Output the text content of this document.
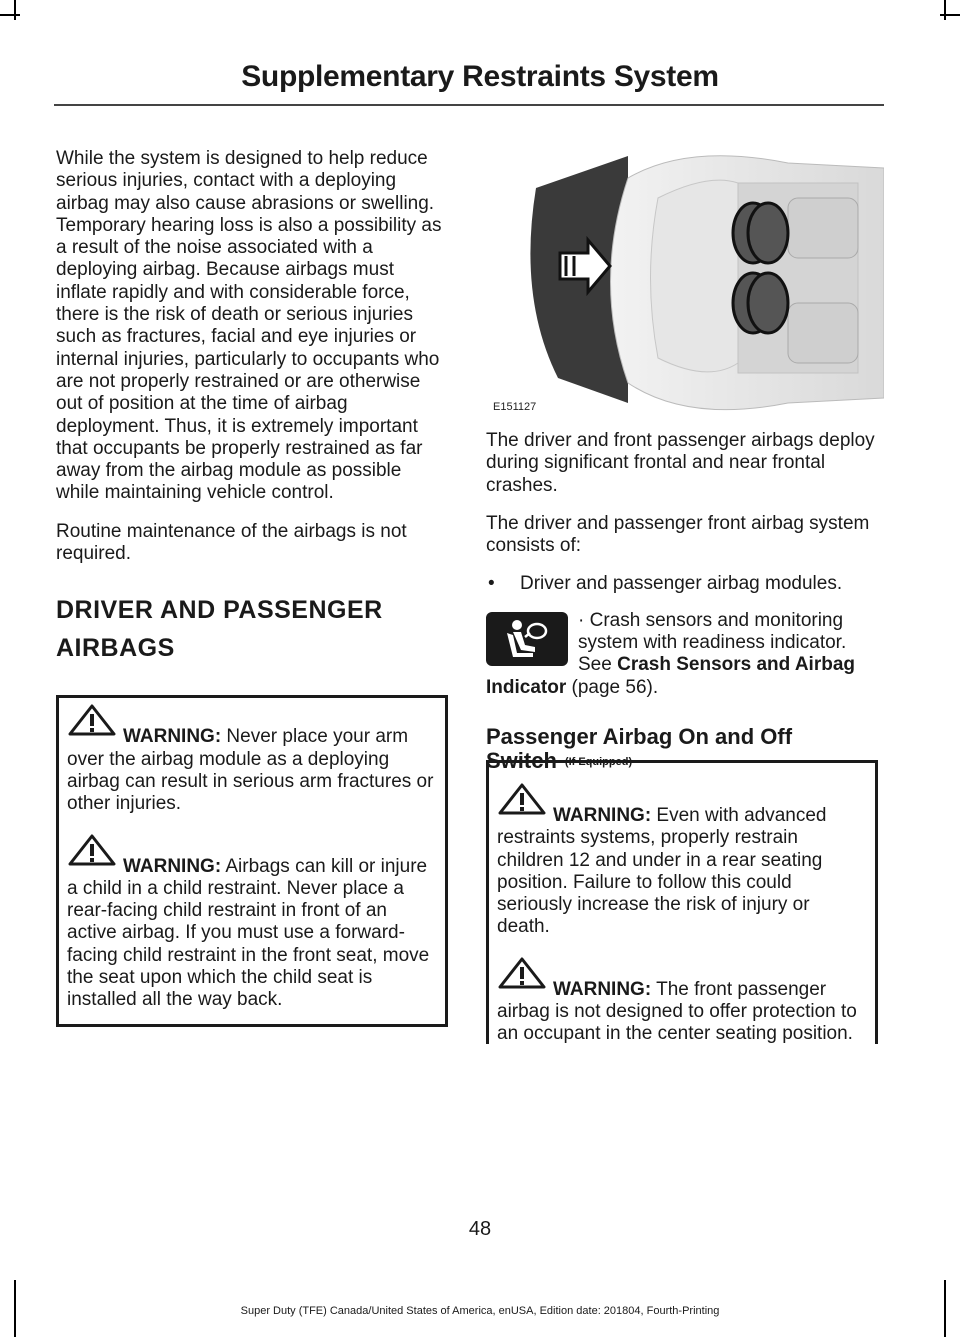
Supplementary Restraints System

While the system is designed to help reduce serious injuries, contact with a deploying airbag may also cause abrasions or swelling. Temporary hearing loss is also a possibility as a result of the noise associated with a deploying airbag. Because airbags must inflate rapidly and with considerable force, there is the risk of death or serious injuries such as fractures, facial and eye injuries or internal injuries, particularly to occupants who are not properly restrained or are otherwise out of position at the time of airbag deployment. Thus, it is extremely important that occupants be properly restrained as far away from the airbag module as possible while maintaining vehicle control.

Routine maintenance of the airbags is not required.

DRIVER AND PASSENGER
AIRBAGS
WARNING: Never place your arm over the airbag module as a deploying airbag can result in serious arm fractures or other injuries.
WARNING: Airbags can kill or injure a child in a child restraint. Never place a rear-facing child restraint in front of an active airbag. If you must use a forward-facing child restraint in the front seat, move the seat upon which the child seat is installed all the way back.
E151127

The driver and front passenger airbags deploy during significant frontal and near frontal crashes.

The driver and passenger front airbag system consists of:

• Driver and passenger airbag modules.
· Crash sensors and monitoring system with readiness indicator. See Crash Sensors and Airbag Indicator (page 56).
Passenger Airbag On and Off Switch (If Equipped)
WARNING: Even with advanced restraints systems, properly restrain children 12 and under in a rear seating position. Failure to follow this could seriously increase the risk of injury or death.
WARNING: The front passenger airbag is not designed to offer protection to an occupant in the center seating position.
48
Super Duty (TFE) Canada/United States of America, enUSA, Edition date: 201804, Fourth-Printing
